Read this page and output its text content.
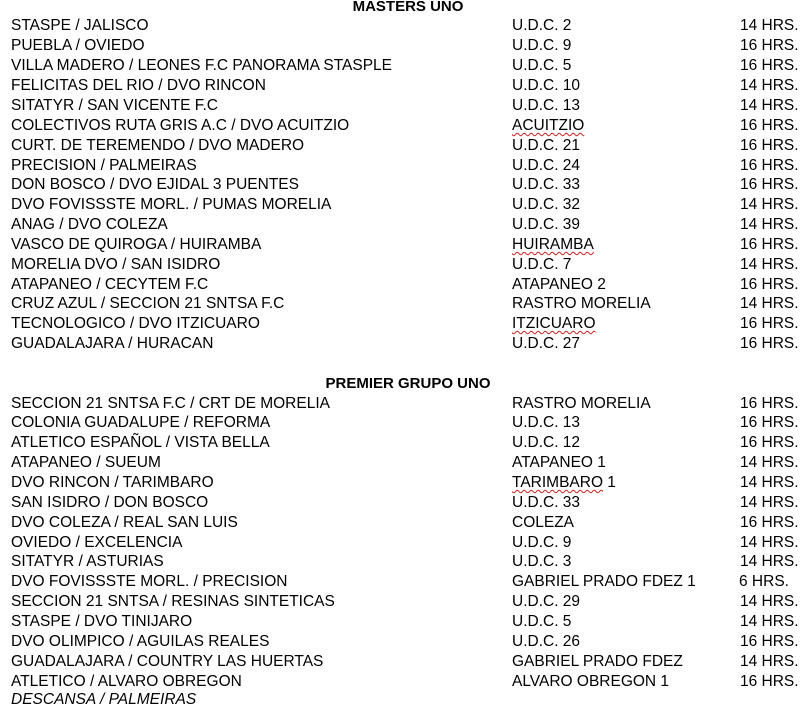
MASTERS UNO
STASPE / JALISCO	U.D.C. 2	14 HRS.
PUEBLA / OVIEDO	U.D.C. 9	16 HRS.
VILLA MADERO / LEONES F.C PANORAMA STASPLE	U.D.C. 5	16 HRS.
FELICITAS DEL RIO / DVO RINCON	U.D.C. 10	14 HRS.
SITATYR / SAN VICENTE F.C	U.D.C. 13	14 HRS.
COLECTIVOS RUTA GRIS A.C / DVO ACUITZIO	ACUITZIO	16 HRS.
CURT. DE TEREMENDO / DVO MADERO	U.D.C. 21	16 HRS.
PRECISION / PALMEIRAS	U.D.C. 24	16 HRS.
DON BOSCO / DVO EJIDAL 3 PUENTES	U.D.C. 33	16 HRS.
DVO FOVISSSTE MORL. / PUMAS MORELIA	U.D.C. 32	14 HRS.
ANAG / DVO COLEZA	U.D.C. 39	14 HRS.
VASCO DE QUIROGA / HUIRAMBA	HUIRAMBA	16 HRS.
MORELIA DVO / SAN ISIDRO	U.D.C. 7	14 HRS.
ATAPANEO / CECYTEM F.C	ATAPANEO 2	16 HRS.
CRUZ AZUL / SECCION 21 SNTSA F.C	RASTRO MORELIA	14 HRS.
TECNOLOGICO / DVO ITZICUARO	ITZICUARO	16 HRS.
GUADALAJARA / HURACAN	U.D.C. 27	16 HRS.
PREMIER GRUPO UNO
SECCION 21 SNTSA F.C / CRT DE MORELIA	RASTRO MORELIA	16 HRS.
COLONIA GUADALUPE / REFORMA	U.D.C. 13	16 HRS.
ATLETICO ESPAÑOL / VISTA BELLA	U.D.C. 12	16 HRS.
ATAPANEO / SUEUM	ATAPANEO 1	14 HRS.
DVO RINCON / TARIMBARO	TARIMBARO 1	14 HRS.
SAN ISIDRO / DON BOSCO	U.D.C. 33	14 HRS.
DVO COLEZA / REAL SAN LUIS	COLEZA	16 HRS.
OVIEDO / EXCELENCIA	U.D.C. 9	14 HRS.
SITATYR / ASTURIAS	U.D.C. 3	14 HRS.
DVO FOVISSSTE MORL. / PRECISION	GABRIEL PRADO FDEZ 1	6 HRS.
SECCION 21 SNTSA / RESINAS SINTETICAS	U.D.C. 29	14 HRS.
STASPE / DVO TINIJARO	U.D.C. 5	14 HRS.
DVO OLIMPICO / AGUILAS REALES	U.D.C. 26	16 HRS.
GUADALAJARA / COUNTRY LAS HUERTAS	GABRIEL PRADO FDEZ	14 HRS.
ATLETICO / ALVARO OBREGON	ALVARO OBREGON 1	16 HRS.
DESCANSA / PALMEIRAS
